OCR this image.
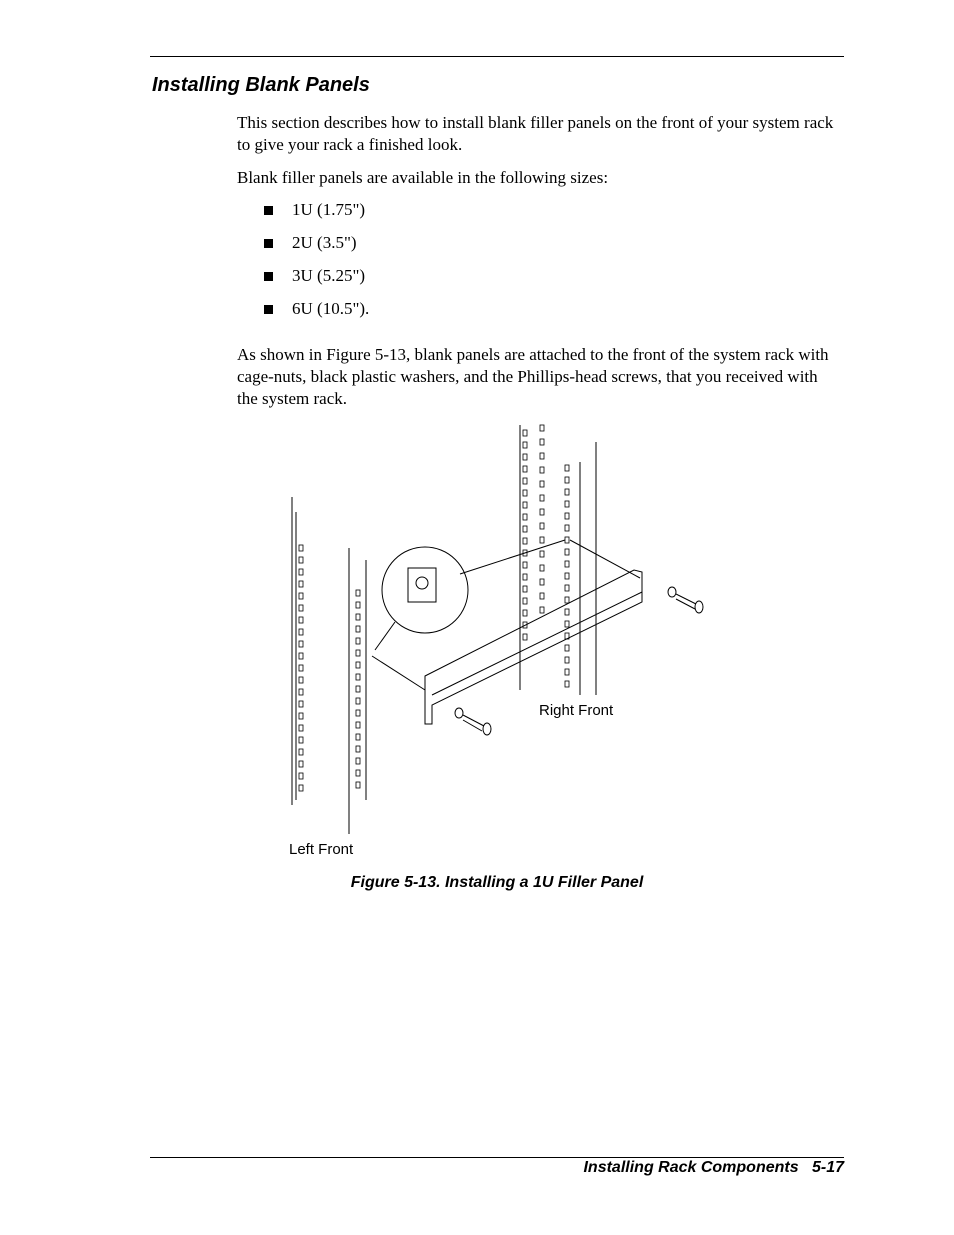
Installing Blank Panels

This section describes how to install blank filler panels on the front of your system rack to give your rack a finished look.

Blank filler panels are available in the following sizes:

1U (1.75")
2U (3.5")
3U (5.25")
6U (10.5").

As shown in Figure 5-13, blank panels are attached to the front of the system rack with cage-nuts, black plastic washers, and the Phillips-head screws, that you received with the system rack.

Right Front
Left Front
Figure 5-13. Installing a 1U Filler Panel
Installing Rack Components 5-17
